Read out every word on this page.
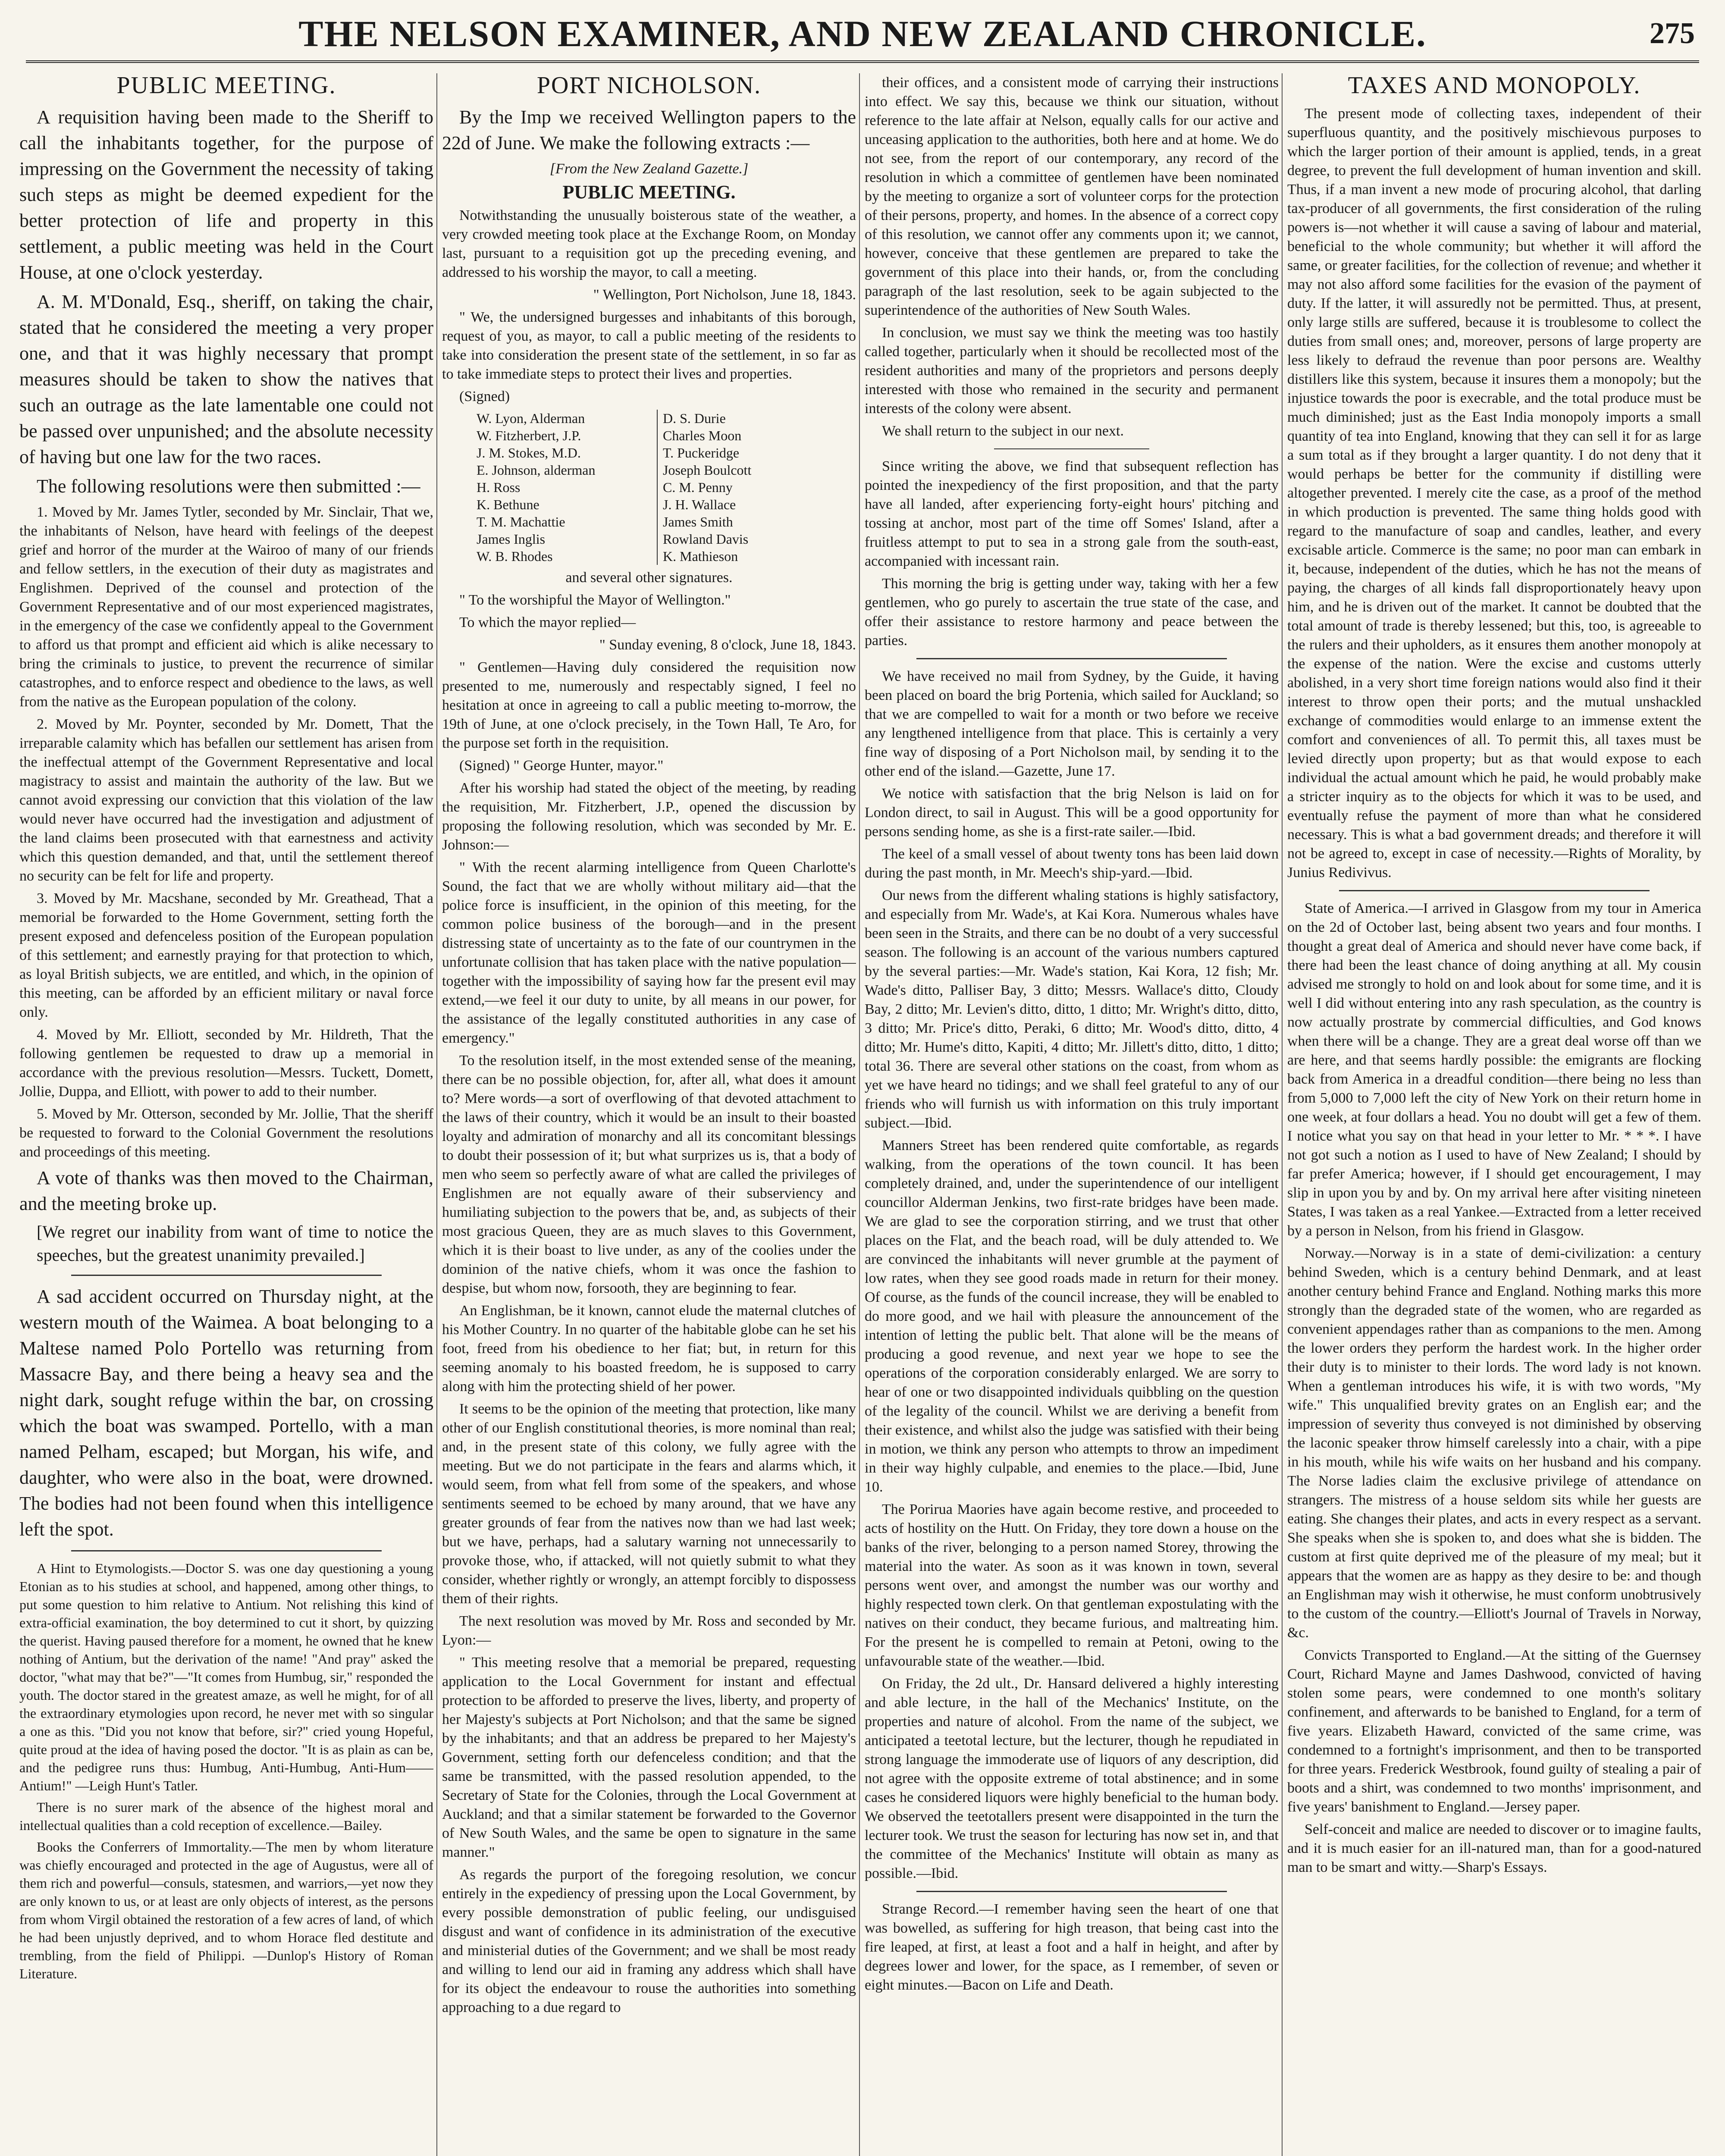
THE NELSON EXAMINER, AND NEW ZEALAND CHRONICLE.	275
PUBLIC MEETING.

A requisition having been made to the Sheriff to call the inhabitants together, for the purpose of impressing on the Government the necessity of taking such steps as might be deemed expedient for the better protection of life and property in this settlement, a public meeting was held in the Court House, at one o'clock yesterday.

A. M. M'Donald, Esq., sheriff, on taking the chair, stated that he considered the meeting a very proper one, and that it was highly necessary that prompt measures should be taken to show the natives that such an outrage as the late lamentable one could not be passed over unpunished; and the absolute necessity of having but one law for the two races.

The following resolutions were then submitted :—

1. Moved by Mr. James Tytler, seconded by Mr. Sinclair, That we, the inhabitants of Nelson, have heard with feelings of the deepest grief and horror of the murder at the Wairoo of many of our friends and fellow settlers, in the execution of their duty as magistrates and Englishmen. Deprived of the counsel and protection of the Government Representative and of our most experienced magistrates, in the emergency of the case we confidently appeal to the Government to afford us that prompt and efficient aid which is alike necessary to bring the criminals to justice, to prevent the recurrence of similar catastrophes, and to enforce respect and obedience to the laws, as well from the native as the European population of the colony.

2. Moved by Mr. Poynter, seconded by Mr. Domett, That the irreparable calamity which has befallen our settlement has arisen from the ineffectual attempt of the Government Representative and local magistracy to assist and maintain the authority of the law. But we cannot avoid expressing our conviction that this violation of the law would never have occurred had the investigation and adjustment of the land claims been prosecuted with that earnestness and activity which this question demanded, and that, until the settlement thereof no security can be felt for life and property.

3. Moved by Mr. Macshane, seconded by Mr. Greathead, That a memorial be forwarded to the Home Government, setting forth the present exposed and defenceless position of the European population of this settlement; and earnestly praying for that protection to which, as loyal British subjects, we are entitled, and which, in the opinion of this meeting, can be afforded by an efficient military or naval force only.

4. Moved by Mr. Elliott, seconded by Mr. Hildreth, That the following gentlemen be requested to draw up a memorial in accordance with the previous resolution—Messrs. Tuckett, Domett, Jollie, Duppa, and Elliott, with power to add to their number.

5. Moved by Mr. Otterson, seconded by Mr. Jollie, That the sheriff be requested to forward to the Colonial Government the resolutions and proceedings of this meeting.

A vote of thanks was then moved to the Chairman, and the meeting broke up.

[We regret our inability from want of time to notice the speeches, but the greatest unanimity prevailed.]

A sad accident occurred on Thursday night, at the western mouth of the Waimea. A boat belonging to a Maltese named Polo Portello was returning from Massacre Bay, and there being a heavy sea and the night dark, sought refuge within the bar, on crossing which the boat was swamped. Portello, with a man named Pelham, escaped; but Morgan, his wife, and daughter, who were also in the boat, were drowned. The bodies had not been found when this intelligence left the spot.

A Hint to Etymologists.—Doctor S. was one day questioning a young Etonian as to his studies at school, and happened, among other things, to put some question to him relative to Antium. Not relishing this kind of extra-official examination, the boy determined to cut it short, by quizzing the querist. Having paused therefore for a moment, he owned that he knew nothing of Antium, but the derivation of the name! "And pray" asked the doctor, "what may that be?"—"It comes from Humbug, sir," responded the youth. The doctor stared in the greatest amaze, as well he might, for of all the extraordinary etymologies upon record, he never met with so singular a one as this. "Did you not know that before, sir?" cried young Hopeful, quite proud at the idea of having posed the doctor. "It is as plain as can be, and the pedigree runs thus: Humbug, Anti-Humbug, Anti-Hum——Antium!" —Leigh Hunt's Tatler.

There is no surer mark of the absence of the highest moral and intellectual qualities than a cold reception of excellence.—Bailey.

Books the Conferrers of Immortality.—The men by whom literature was chiefly encouraged and protected in the age of Augustus, were all of them rich and powerful—consuls, statesmen, and warriors,—yet now they are only known to us, or at least are only objects of interest, as the persons from whom Virgil obtained the restoration of a few acres of land, of which he had been unjustly deprived, and to whom Horace fled destitute and trembling, from the field of Philippi. —Dunlop's History of Roman Literature.

PORT NICHOLSON.

By the Imp we received Wellington papers to the 22d of June. We make the following extracts :—

[From the New Zealand Gazette.]

PUBLIC MEETING.

Notwithstanding the unusually boisterous state of the weather, a very crowded meeting took place at the Exchange Room, on Monday last, pursuant to a requisition got up the preceding evening, and addressed to his worship the mayor, to call a meeting.

" Wellington, Port Nicholson, June 18, 1843.

" We, the undersigned burgesses and inhabitants of this borough, request of you, as mayor, to call a public meeting of the residents to take into consideration the present state of the settlement, in so far as to take immediate steps to protect their lives and properties.

(Signed)

W. Lyon, Alderman
W. Fitzherbert, J.P.
J. M. Stokes, M.D.
E. Johnson, alderman
H. Ross
K. Bethune
T. M. Machattie
James Inglis
W. B. Rhodes
D. S. Durie
Charles Moon
T. Puckeridge
Joseph Boulcott
C. M. Penny
J. H. Wallace
James Smith
Rowland Davis
K. Mathieson

and several other signatures.

" To the worshipful the Mayor of Wellington."

To which the mayor replied—

" Sunday evening, 8 o'clock, June 18, 1843.

" Gentlemen—Having duly considered the requisition now presented to me, numerously and respectably signed, I feel no hesitation at once in agreeing to call a public meeting to-morrow, the 19th of June, at one o'clock precisely, in the Town Hall, Te Aro, for the purpose set forth in the requisition.

(Signed) " George Hunter, mayor."

After his worship had stated the object of the meeting, by reading the requisition, Mr. Fitzherbert, J.P., opened the discussion by proposing the following resolution, which was seconded by Mr. E. Johnson:—

" With the recent alarming intelligence from Queen Charlotte's Sound, the fact that we are wholly without military aid—that the police force is insufficient, in the opinion of this meeting, for the common police business of the borough—and in the present distressing state of uncertainty as to the fate of our countrymen in the unfortunate collision that has taken place with the native population—together with the impossibility of saying how far the present evil may extend,—we feel it our duty to unite, by all means in our power, for the assistance of the legally constituted authorities in any case of emergency."

To the resolution itself, in the most extended sense of the meaning, there can be no possible objection, for, after all, what does it amount to? Mere words—a sort of overflowing of that devoted attachment to the laws of their country, which it would be an insult to their boasted loyalty and admiration of monarchy and all its concomitant blessings to doubt their possession of it; but what surprizes us is, that a body of men who seem so perfectly aware of what are called the privileges of Englishmen are not equally aware of their subserviency and humiliating subjection to the powers that be, and, as subjects of their most gracious Queen, they are as much slaves to this Government, which it is their boast to live under, as any of the coolies under the dominion of the native chiefs, whom it was once the fashion to despise, but whom now, forsooth, they are beginning to fear.

An Englishman, be it known, cannot elude the maternal clutches of his Mother Country. In no quarter of the habitable globe can he set his foot, freed from his obedience to her fiat; but, in return for this seeming anomaly to his boasted freedom, he is supposed to carry along with him the protecting shield of her power.

It seems to be the opinion of the meeting that protection, like many other of our English constitutional theories, is more nominal than real; and, in the present state of this colony, we fully agree with the meeting. But we do not participate in the fears and alarms which, it would seem, from what fell from some of the speakers, and whose sentiments seemed to be echoed by many around, that we have any greater grounds of fear from the natives now than we had last week; but we have, perhaps, had a salutary warning not unnecessarily to provoke those, who, if attacked, will not quietly submit to what they consider, whether rightly or wrongly, an attempt forcibly to dispossess them of their rights.

The next resolution was moved by Mr. Ross and seconded by Mr. Lyon:—

" This meeting resolve that a memorial be prepared, requesting application to the Local Government for instant and effectual protection to be afforded to preserve the lives, liberty, and property of her Majesty's subjects at Port Nicholson; and that the same be signed by the inhabitants; and that an address be prepared to her Majesty's Government, setting forth our defenceless condition; and that the same be transmitted, with the passed resolution appended, to the Secretary of State for the Colonies, through the Local Government at Auckland; and that a similar statement be forwarded to the Governor of New South Wales, and the same be open to signature in the same manner."

As regards the purport of the foregoing resolution, we concur entirely in the expediency of pressing upon the Local Government, by every possible demonstration of public feeling, our undisguised disgust and want of confidence in its administration of the executive and ministerial duties of the Government; and we shall be most ready and willing to lend our aid in framing any address which shall have for its object the endeavour to rouse the authorities into something approaching to a due regard to

their offices, and a consistent mode of carrying their instructions into effect. We say this, because we think our situation, without reference to the late affair at Nelson, equally calls for our active and unceasing application to the authorities, both here and at home. We do not see, from the report of our contemporary, any record of the resolution in which a committee of gentlemen have been nominated by the meeting to organize a sort of volunteer corps for the protection of their persons, property, and homes. In the absence of a correct copy of this resolution, we cannot offer any comments upon it; we cannot, however, conceive that these gentlemen are prepared to take the government of this place into their hands, or, from the concluding paragraph of the last resolution, seek to be again subjected to the superintendence of the authorities of New South Wales.

In conclusion, we must say we think the meeting was too hastily called together, particularly when it should be recollected most of the resident authorities and many of the proprietors and persons deeply interested with those who remained in the security and permanent interests of the colony were absent.

We shall return to the subject in our next.

Since writing the above, we find that subsequent reflection has pointed the inexpediency of the first proposition, and that the party have all landed, after experiencing forty-eight hours' pitching and tossing at anchor, most part of the time off Somes' Island, after a fruitless attempt to put to sea in a strong gale from the south-east, accompanied with incessant rain.

This morning the brig is getting under way, taking with her a few gentlemen, who go purely to ascertain the true state of the case, and offer their assistance to restore harmony and peace between the parties.

We have received no mail from Sydney, by the Guide, it having been placed on board the brig Portenia, which sailed for Auckland; so that we are compelled to wait for a month or two before we receive any lengthened intelligence from that place. This is certainly a very fine way of disposing of a Port Nicholson mail, by sending it to the other end of the island.—Gazette, June 17.

We notice with satisfaction that the brig Nelson is laid on for London direct, to sail in August. This will be a good opportunity for persons sending home, as she is a first-rate sailer.—Ibid.

The keel of a small vessel of about twenty tons has been laid down during the past month, in Mr. Meech's ship-yard.—Ibid.

Our news from the different whaling stations is highly satisfactory, and especially from Mr. Wade's, at Kai Kora. Numerous whales have been seen in the Straits, and there can be no doubt of a very successful season. The following is an account of the various numbers captured by the several parties:—Mr. Wade's station, Kai Kora, 12 fish; Mr. Wade's ditto, Palliser Bay, 3 ditto; Messrs. Wallace's ditto, Cloudy Bay, 2 ditto; Mr. Levien's ditto, ditto, 1 ditto; Mr. Wright's ditto, ditto, 3 ditto; Mr. Price's ditto, Peraki, 6 ditto; Mr. Wood's ditto, ditto, 4 ditto; Mr. Hume's ditto, Kapiti, 4 ditto; Mr. Jillett's ditto, ditto, 1 ditto; total 36. There are several other stations on the coast, from whom as yet we have heard no tidings; and we shall feel grateful to any of our friends who will furnish us with information on this truly important subject.—Ibid.

Manners Street has been rendered quite comfortable, as regards walking, from the operations of the town council. It has been completely drained, and, under the superintendence of our intelligent councillor Alderman Jenkins, two first-rate bridges have been made. We are glad to see the corporation stirring, and we trust that other places on the Flat, and the beach road, will be duly attended to. We are convinced the inhabitants will never grumble at the payment of low rates, when they see good roads made in return for their money. Of course, as the funds of the council increase, they will be enabled to do more good, and we hail with pleasure the announcement of the intention of letting the public belt. That alone will be the means of producing a good revenue, and next year we hope to see the operations of the corporation considerably enlarged. We are sorry to hear of one or two disappointed individuals quibbling on the question of the legality of the council. Whilst we are deriving a benefit from their existence, and whilst also the judge was satisfied with their being in motion, we think any person who attempts to throw an impediment in their way highly culpable, and enemies to the place.—Ibid, June 10.

The Porirua Maories have again become restive, and proceeded to acts of hostility on the Hutt. On Friday, they tore down a house on the banks of the river, belonging to a person named Storey, throwing the material into the water. As soon as it was known in town, several persons went over, and amongst the number was our worthy and highly respected town clerk. On that gentleman expostulating with the natives on their conduct, they became furious, and maltreating him. For the present he is compelled to remain at Petoni, owing to the unfavourable state of the weather.—Ibid.

On Friday, the 2d ult., Dr. Hansard delivered a highly interesting and able lecture, in the hall of the Mechanics' Institute, on the properties and nature of alcohol. From the name of the subject, we anticipated a teetotal lecture, but the lecturer, though he repudiated in strong language the immoderate use of liquors of any description, did not agree with the opposite extreme of total abstinence; and in some cases he considered liquors were highly beneficial to the human body. We observed the teetotallers present were disappointed in the turn the lecturer took. We trust the season for lecturing has now set in, and that the committee of the Mechanics' Institute will obtain as many as possible.—Ibid.

Strange Record.—I remember having seen the heart of one that was bowelled, as suffering for high treason, that being cast into the fire leaped, at first, at least a foot and a half in height, and after by degrees lower and lower, for the space, as I remember, of seven or eight minutes.—Bacon on Life and Death.

TAXES AND MONOPOLY.

The present mode of collecting taxes, independent of their superfluous quantity, and the positively mischievous purposes to which the larger portion of their amount is applied, tends, in a great degree, to prevent the full development of human invention and skill. Thus, if a man invent a new mode of procuring alcohol, that darling tax-producer of all governments, the first consideration of the ruling powers is—not whether it will cause a saving of labour and material, beneficial to the whole community; but whether it will afford the same, or greater facilities, for the collection of revenue; and whether it may not also afford some facilities for the evasion of the payment of duty. If the latter, it will assuredly not be permitted. Thus, at present, only large stills are suffered, because it is troublesome to collect the duties from small ones; and, moreover, persons of large property are less likely to defraud the revenue than poor persons are. Wealthy distillers like this system, because it insures them a monopoly; but the injustice towards the poor is execrable, and the total produce must be much diminished; just as the East India monopoly imports a small quantity of tea into England, knowing that they can sell it for as large a sum total as if they brought a larger quantity. I do not deny that it would perhaps be better for the community if distilling were altogether prevented. I merely cite the case, as a proof of the method in which production is prevented. The same thing holds good with regard to the manufacture of soap and candles, leather, and every excisable article. Commerce is the same; no poor man can embark in it, because, independent of the duties, which he has not the means of paying, the charges of all kinds fall disproportionately heavy upon him, and he is driven out of the market. It cannot be doubted that the total amount of trade is thereby lessened; but this, too, is agreeable to the rulers and their upholders, as it ensures them another monopoly at the expense of the nation. Were the excise and customs utterly abolished, in a very short time foreign nations would also find it their interest to throw open their ports; and the mutual unshackled exchange of commodities would enlarge to an immense extent the comfort and conveniences of all. To permit this, all taxes must be levied directly upon property; but as that would expose to each individual the actual amount which he paid, he would probably make a stricter inquiry as to the objects for which it was to be used, and eventually refuse the payment of more than what he considered necessary. This is what a bad government dreads; and therefore it will not be agreed to, except in case of necessity.—Rights of Morality, by Junius Redivivus.

State of America.—I arrived in Glasgow from my tour in America on the 2d of October last, being absent two years and four months. I thought a great deal of America and should never have come back, if there had been the least chance of doing anything at all. My cousin advised me strongly to hold on and look about for some time, and it is well I did without entering into any rash speculation, as the country is now actually prostrate by commercial difficulties, and God knows when there will be a change. They are a great deal worse off than we are here, and that seems hardly possible: the emigrants are flocking back from America in a dreadful condition—there being no less than from 5,000 to 7,000 left the city of New York on their return home in one week, at four dollars a head. You no doubt will get a few of them. I notice what you say on that head in your letter to Mr. * * *. I have not got such a notion as I used to have of New Zealand; I should by far prefer America; however, if I should get encouragement, I may slip in upon you by and by. On my arrival here after visiting nineteen States, I was taken as a real Yankee.—Extracted from a letter received by a person in Nelson, from his friend in Glasgow.

Norway.—Norway is in a state of demi-civilization: a century behind Sweden, which is a century behind Denmark, and at least another century behind France and England. Nothing marks this more strongly than the degraded state of the women, who are regarded as convenient appendages rather than as companions to the men. Among the lower orders they perform the hardest work. In the higher order their duty is to minister to their lords. The word lady is not known. When a gentleman introduces his wife, it is with two words, "My wife." This unqualified brevity grates on an English ear; and the impression of severity thus conveyed is not diminished by observing the laconic speaker throw himself carelessly into a chair, with a pipe in his mouth, while his wife waits on her husband and his company. The Norse ladies claim the exclusive privilege of attendance on strangers. The mistress of a house seldom sits while her guests are eating. She changes their plates, and acts in every respect as a servant. She speaks when she is spoken to, and does what she is bidden. The custom at first quite deprived me of the pleasure of my meal; but it appears that the women are as happy as they desire to be: and though an Englishman may wish it otherwise, he must conform unobtrusively to the custom of the country.—Elliott's Journal of Travels in Norway, &c.

Convicts Transported to England.—At the sitting of the Guernsey Court, Richard Mayne and James Dashwood, convicted of having stolen some pears, were condemned to one month's solitary confinement, and afterwards to be banished to England, for a term of five years. Elizabeth Haward, convicted of the same crime, was condemned to a fortnight's imprisonment, and then to be transported for three years. Frederick Westbrook, found guilty of stealing a pair of boots and a shirt, was condemned to two months' imprisonment, and five years' banishment to England.—Jersey paper.

Self-conceit and malice are needed to discover or to imagine faults, and it is much easier for an ill-natured man, than for a good-natured man to be smart and witty.—Sharp's Essays.
